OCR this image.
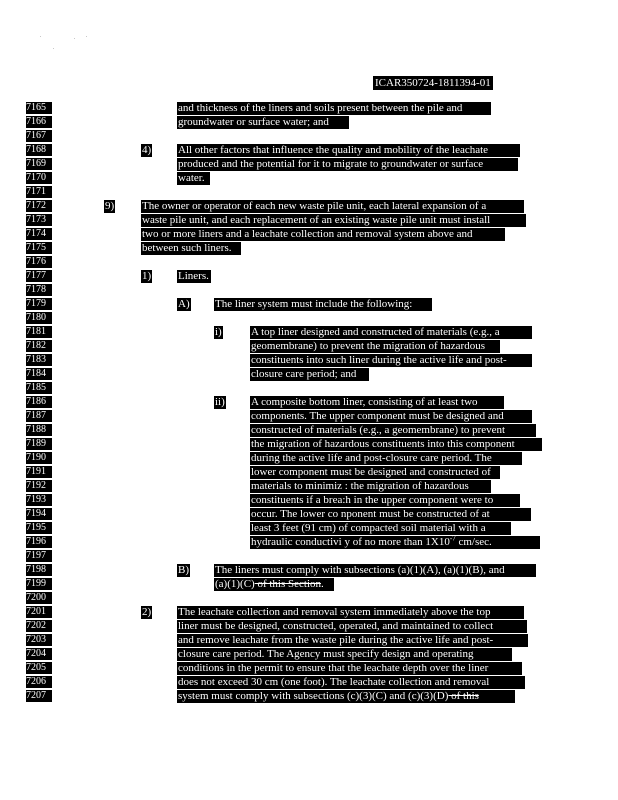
ICAR350724-1811394-01
7165
7166
7167
7168
7169
7170
7171
7172
7173
7174
7175
7176
7177
7178
7179
7180
7181
7182
7183
7184
7185
7186
7187
7188
7189
7190
7191
7192
7193
7194
7195
7196
7197
7198
7199
7200
7201
7202
7203
7204
7205
7206
7207
4)
9)
1)
A)
i)
ii)
B)
2)
and thickness of the liners and soils present between the pile and
groundwater or surface water; and
All other factors that influence the quality and mobility of the leachate
produced and the potential for it to migrate to groundwater or surface
water.
The owner or operator of each new waste pile unit, each lateral expansion of a
waste pile unit, and each replacement of an existing waste pile unit must install
two or more liners and a leachate collection and removal system above and
between such liners.
Liners.
The liner system must include the following:
A top liner designed and constructed of materials (e.g., a
geomembrane) to prevent the migration of hazardous
constituents into such liner during the active life and post-
closure care period; and
A composite bottom liner, consisting of at least two
components. The upper component must be designed and
constructed of materials (e.g., a geomembrane) to prevent
the migration of hazardous constituents into this component
during the active life and post-closure care period. The
lower component must be designed and constructed of
materials to minimiz : the migration of hazardous
constituents if a brea:h in the upper component were to
occur. The lower co nponent must be constructed of at
least 3 feet (91 cm) of compacted soil material with a
hydraulic conductivi y of no more than $1X10^{-7}$ cm/sec.
The liners must comply with subsections (a)(1)(A), (a)(1)(B), and
(a)(1)(C) of this Section.
The leachate collection and removal system immediately above the top
liner must be designed, constructed, operated, and maintained to collect
and remove leachate from the waste pile during the active life and post-
closure care period. The Agency must specify design and operating
conditions in the permit to ensure that the leachate depth over the liner
does not exceed 30 cm (one foot). The leachate collection and removal
system must comply with subsections (c)(3)(C) and (c)(3)(D) of this
